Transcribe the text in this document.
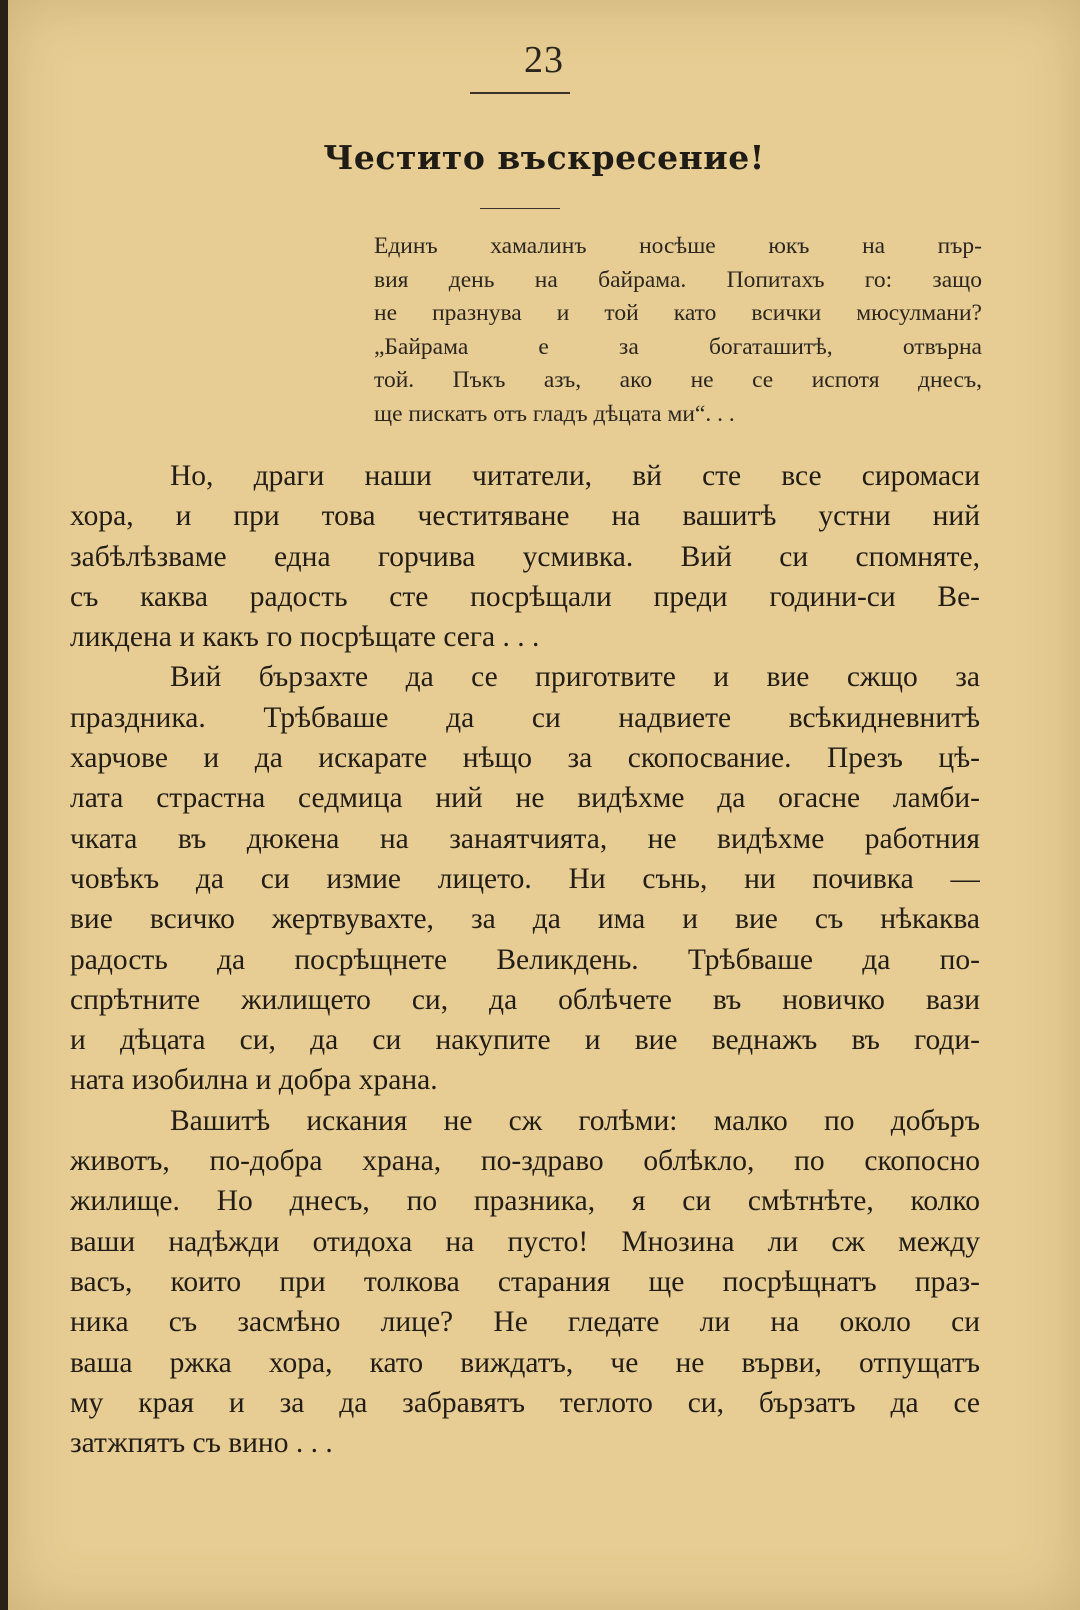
23
Честито въскресение!
Единъ хамалинъ носѣше юкъ на пър-
вия день на байрама. Попитахъ го: защо
не празнува и той като всички мюсулмани?
„Байрама е за богаташитѣ, отвърна
той. Пъкъ азъ, ако не се испотя днесъ,
ще пискатъ отъ гладъ дѣцата ми“. . .
Но, драги наши читатели, вй сте все сиромаси
хора, и при това честитяване на вашитѣ устни ний
забѣлѣзваме една горчива усмивка. Вий си спомняте,
съ каква радость сте посрѣщали преди години-си Ве-
ликдена и какъ го посрѣщате сега . . .
Вий бързахте да се приготвите и вие сжщо за
праздника. Трѣбваше да си надвиете всѣкидневнитѣ
харчове и да искарате нѣщо за скопосвание. Презъ цѣ-
лата страстна седмица ний не видѣхме да огасне ламби-
чката въ дюкена на занаятчията, не видѣхме работния
човѣкъ да си измие лицето. Ни сънь, ни почивка —
вие всичко жертвувахте, за да има и вие съ нѣкаква
радость да посрѣщнете Великдень. Трѣбваше да по-
спрѣтните жилището си, да облѣчете въ новичко вази
и дѣцата си, да си накупите и вие веднажъ въ годи-
ната изобилна и добра храна.
Вашитѣ искания не сж голѣми: малко по добъръ
животъ, по-добра храна, по-здраво облѣкло, по скопосно
жилище. Но днесъ, по празника, я си смѣтнѣте, колко
ваши надѣжди отидоха на пусто! Мнозина ли сж между
васъ, които при толкова старания ще посрѣщнатъ праз-
ника съ засмѣно лице? Не гледате ли на около си
ваша ржка хора, като виждатъ, че не върви, отпущатъ
му края и за да забравятъ теглото си, бързатъ да се
затжпятъ съ вино . . .
